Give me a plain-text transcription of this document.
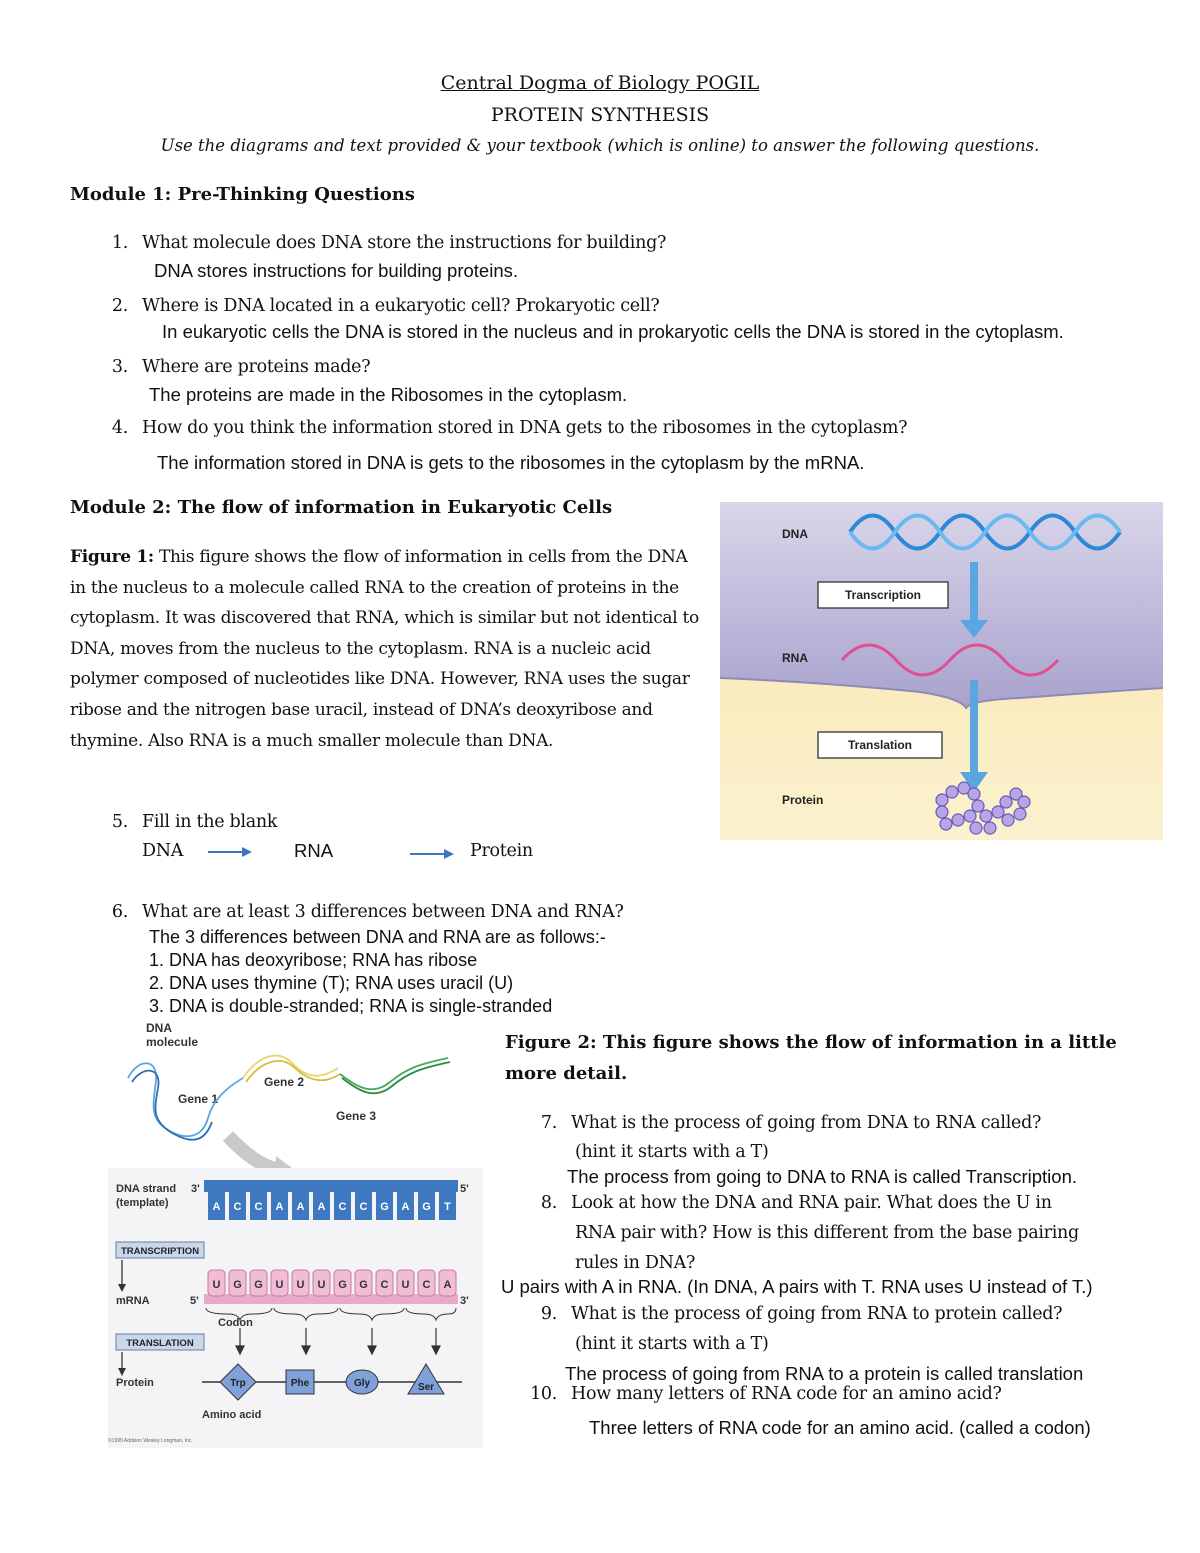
Central Dogma of Biology POGIL
PROTEIN SYNTHESIS
Use the diagrams and text provided & your textbook (which is online) to answer the following questions.
Module 1: Pre-Thinking Questions
1. What molecule does DNA store the instructions for building?
DNA stores instructions for building proteins.
2. Where is DNA located in a eukaryotic cell? Prokaryotic cell?
In eukaryotic cells the DNA is stored in the nucleus and in prokaryotic cells the DNA is stored in the cytoplasm.
3. Where are proteins made?
The proteins are made in the Ribosomes in the cytoplasm.
4. How do you think the information stored in DNA gets to the ribosomes in the cytoplasm?
The information stored in DNA is gets to the ribosomes in the cytoplasm by the mRNA.
Module 2: The flow of information in Eukaryotic Cells
Figure 1: This figure shows the flow of information in cells from the DNA in the nucleus to a molecule called RNA to the creation of proteins in the cytoplasm. It was discovered that RNA, which is similar but not identical to DNA, moves from the nucleus to the cytoplasm. RNA is a nucleic acid polymer composed of nucleotides like DNA. However, RNA uses the sugar ribose and the nitrogen base uracil, instead of DNA’s deoxyribose and thymine. Also RNA is a much smaller molecule than DNA.
DNA
Transcription
RNA
Translation
Protein
5. Fill in the blank
DNA	RNA	Protein
6. What are at least 3 differences between DNA and RNA?
The 3 differences between DNA and RNA are as follows:-
1. DNA has deoxyribose; RNA has ribose
2. DNA uses thymine (T); RNA uses uracil (U)
3. DNA is double-stranded; RNA is single-stranded
DNA
molecule
Gene 1
Gene 2
Gene 3
DNA strand
(template)
3'	5'
A C C A A A C C G A G T
TRANSCRIPTION
mRNA	5'	3'
Codon
U G G U U U G G C U C A
TRANSLATION
Protein	Trp	Phe	Gly	Ser
Amino acid
©1999 Addison Wesley Longman, Inc.
Figure 2: This figure shows the flow of information in a little
more detail.
7. What is the process of going from DNA to RNA called?
(hint it starts with a T)
The process from going to DNA to RNA is called Transcription.
8. Look at how the DNA and RNA pair. What does the U in
RNA pair with? How is this different from the base pairing
rules in DNA?
U pairs with A in RNA. (In DNA, A pairs with T. RNA uses U instead of T.)
9. What is the process of going from RNA to protein called?
(hint it starts with a T)
The process of going from RNA to a protein is called translation
10. How many letters of RNA code for an amino acid?
Three letters of RNA code for an amino acid. (called a codon)
